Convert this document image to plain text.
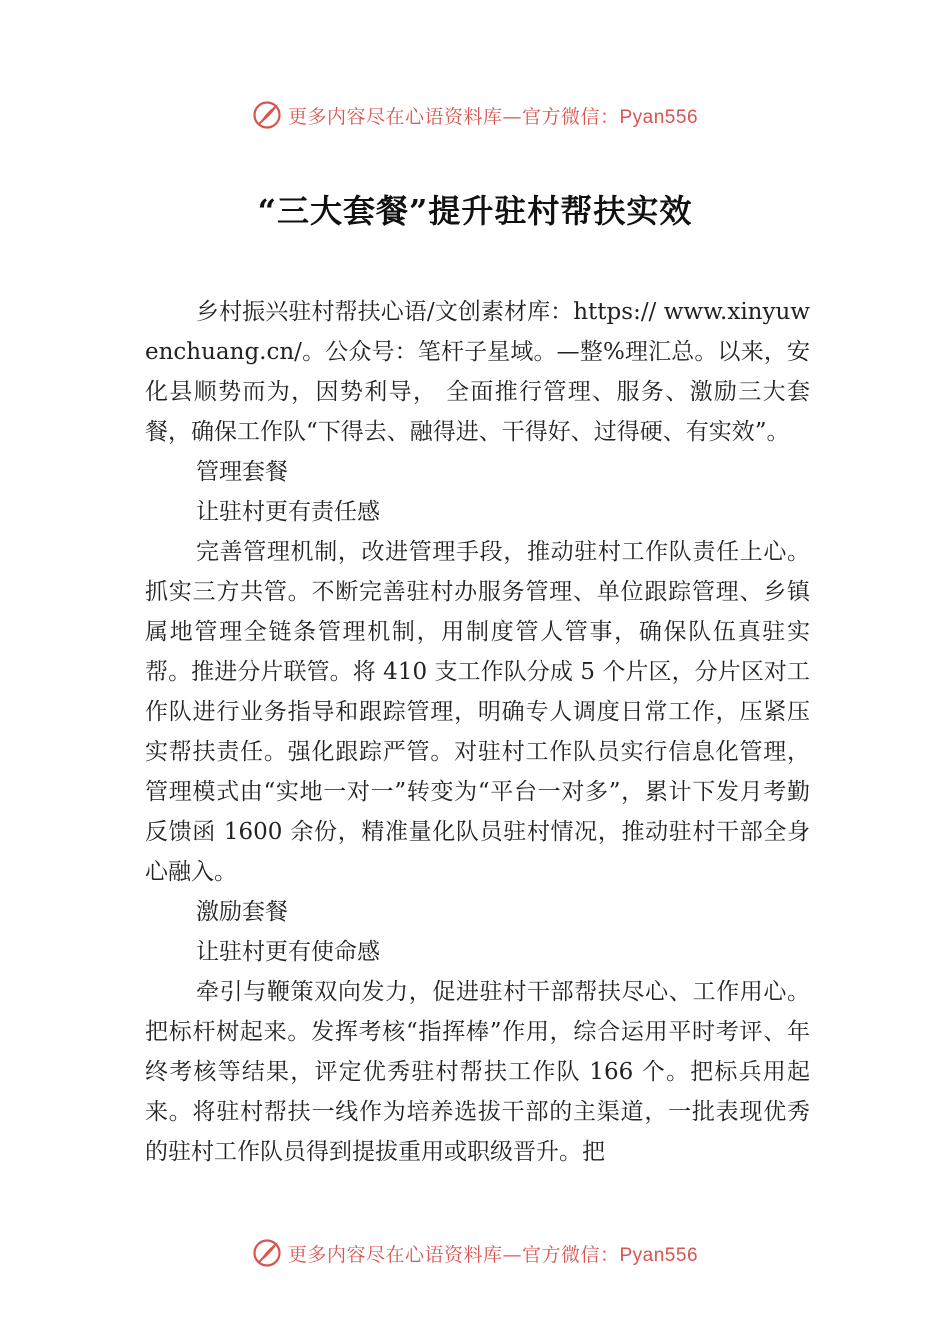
更多内容尽在心语资料库—官方微信：Pyan556
“三大套餐”提升驻村帮扶实效

乡村振兴驻村帮扶心语/文创素材库：https:// www.xinyuwenchuang.cn/。公众号：笔杆子星域。—整%理汇总。以来，安化县顺势而为，因势利导， 全面推行管理、服务、激励三大套餐，确保工作队“下得去、融得进、干得好、过得硬、有实效”。

管理套餐

让驻村更有责任感

完善管理机制，改进管理手段，推动驻村工作队责任上心。抓实三方共管。不断完善驻村办服务管理、单位跟踪管理、乡镇属地管理全链条管理机制，用制度管人管事，确保队伍真驻实帮。推进分片联管。将 410 支工作队分成 5 个片区，分片区对工作队进行业务指导和跟踪管理，明确专人调度日常工作，压紧压实帮扶责任。强化跟踪严管。对驻村工作队员实行信息化管理，管理模式由“实地一对一”转变为“平台一对多”，累计下发月考勤反馈函 1600 余份，精准量化队员驻村情况，推动驻村干部全身心融入。

激励套餐

让驻村更有使命感

牵引与鞭策双向发力，促进驻村干部帮扶尽心、工作用心。把标杆树起来。发挥考核“指挥棒”作用，综合运用平时考评、年终考核等结果，评定优秀驻村帮扶工作队 166 个。把标兵用起来。将驻村帮扶一线作为培养选拔干部的主渠道，一批表现优秀的驻村工作队员得到提拔重用或职级晋升。把

更多内容尽在心语资料库—官方微信：Pyan556
